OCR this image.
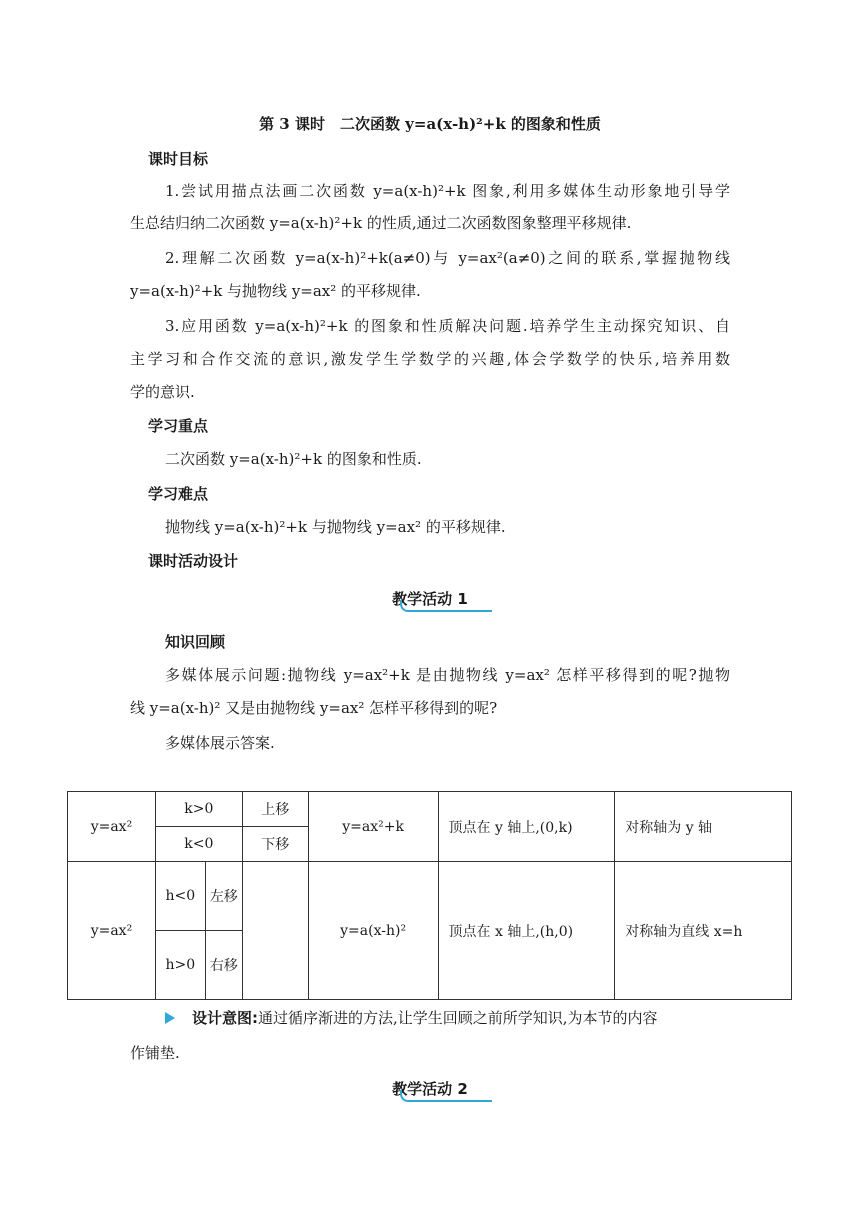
第 3 课时　二次函数 y=a(x-h)²+k 的图象和性质
课时目标
1.尝试用描点法画二次函数 y=a(x-h)²+k 图象,利用多媒体生动形象地引导学
生总结归纳二次函数 y=a(x-h)²+k 的性质,通过二次函数图象整理平移规律.
2.理解二次函数 y=a(x-h)²+k(a≠0)与 y=ax²(a≠0)之间的联系,掌握抛物线
y=a(x-h)²+k 与抛物线 y=ax² 的平移规律.
3.应用函数 y=a(x-h)²+k 的图象和性质解决问题.培养学生主动探究知识、自
主学习和合作交流的意识,激发学生学数学的兴趣,体会学数学的快乐,培养用数
学的意识.
学习重点
二次函数 y=a(x-h)²+k 的图象和性质.
学习难点
抛物线 y=a(x-h)²+k 与抛物线 y=ax² 的平移规律.
课时活动设计
教学活动 1
知识回顾
多媒体展示问题:抛物线 y=ax²+k 是由抛物线 y=ax² 怎样平移得到的呢?抛物
线 y=a(x-h)² 又是由抛物线 y=ax² 怎样平移得到的呢?
多媒体展示答案.
y=ax²	k>0		上移	y=ax²+k	顶点在 y 轴上,(0,k)	对称轴为 y 轴
	k<0		下移			
y=ax²	h<0	左移		y=a(x-h)²	顶点在 x 轴上,(h,0)	对称轴为直线 x=h
	h>0	右移				
设计意图:通过循序渐进的方法,让学生回顾之前所学知识,为本节的内容
作铺垫.
教学活动 2
